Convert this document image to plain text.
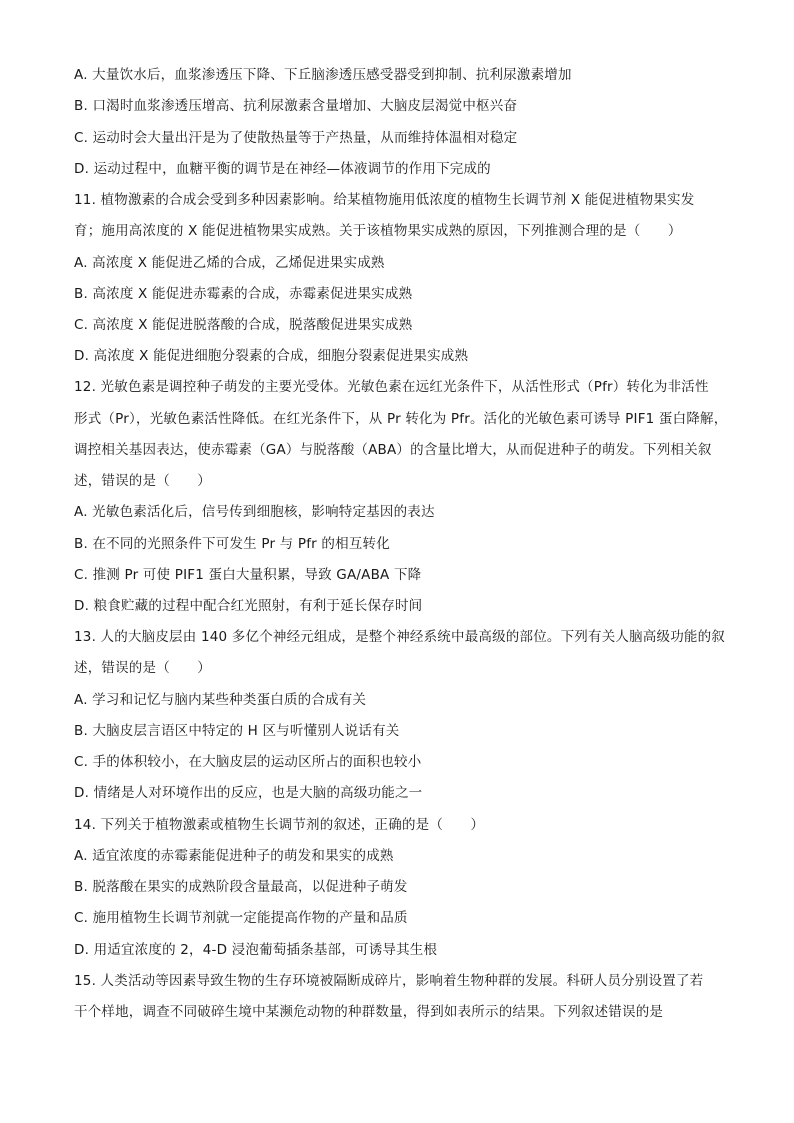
A. 大量饮水后，血浆渗透压下降、下丘脑渗透压感受器受到抑制、抗利尿激素增加
B. 口渴时血浆渗透压增高、抗利尿激素含量增加、大脑皮层渴觉中枢兴奋
C. 运动时会大量出汗是为了使散热量等于产热量，从而维持体温相对稳定
D. 运动过程中，血糖平衡的调节是在神经—体液调节的作用下完成的
11. 植物激素的合成会受到多种因素影响。给某植物施用低浓度的植物生长调节剂 X 能促进植物果实发
育；施用高浓度的 X 能促进植物果实成熟。关于该植物果实成熟的原因，下列推测合理的是（　　）
A. 高浓度 X 能促进乙烯的合成，乙烯促进果实成熟
B. 高浓度 X 能促进赤霉素的合成，赤霉素促进果实成熟
C. 高浓度 X 能促进脱落酸的合成，脱落酸促进果实成熟
D. 高浓度 X 能促进细胞分裂素的合成，细胞分裂素促进果实成熟
12. 光敏色素是调控种子萌发的主要光受体。光敏色素在远红光条件下，从活性形式（Pfr）转化为非活性
形式（Pr），光敏色素活性降低。在红光条件下，从 Pr 转化为 Pfr。活化的光敏色素可诱导 PIF1 蛋白降解，
调控相关基因表达，使赤霉素（GA）与脱落酸（ABA）的含量比增大，从而促进种子的萌发。下列相关叙
述，错误的是（　　）
A. 光敏色素活化后，信号传到细胞核，影响特定基因的表达
B. 在不同的光照条件下可发生 Pr 与 Pfr 的相互转化
C. 推测 Pr 可使 PIF1 蛋白大量积累，导致 GA/ABA 下降
D. 粮食贮藏的过程中配合红光照射，有利于延长保存时间
13. 人的大脑皮层由 140 多亿个神经元组成，是整个神经系统中最高级的部位。下列有关人脑高级功能的叙
述，错误的是（　　）
A. 学习和记忆与脑内某些种类蛋白质的合成有关
B. 大脑皮层言语区中特定的 H 区与听懂别人说话有关
C. 手的体积较小，在大脑皮层的运动区所占的面积也较小
D. 情绪是人对环境作出的反应，也是大脑的高级功能之一
14. 下列关于植物激素或植物生长调节剂的叙述，正确的是（　　）
A. 适宜浓度的赤霉素能促进种子的萌发和果实的成熟
B. 脱落酸在果实的成熟阶段含量最高，以促进种子萌发
C. 施用植物生长调节剂就一定能提高作物的产量和品质
D. 用适宜浓度的 2，4-D 浸泡葡萄插条基部，可诱导其生根
15. 人类活动等因素导致生物的生存环境被隔断成碎片，影响着生物种群的发展。科研人员分别设置了若
干个样地，调查不同破碎生境中某濒危动物的种群数量，得到如表所示的结果。下列叙述错误的是
